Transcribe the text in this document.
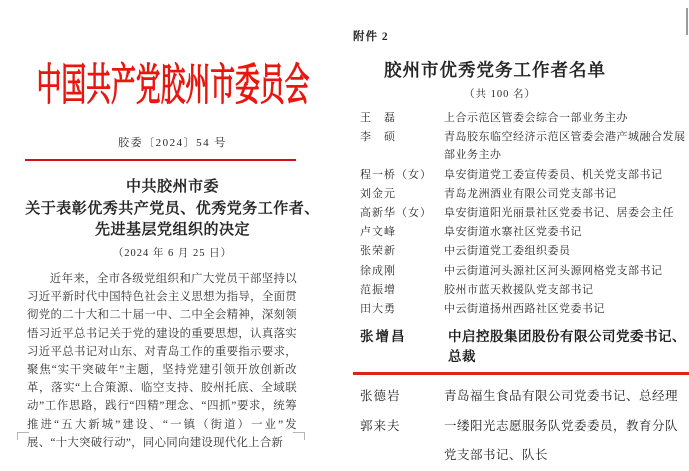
中国共产党胶州市委员会
胶委〔2024〕54 号
中共胶州市委
关于表彰优秀共产党员、优秀党务工作者、
先进基层党组织的决定
（2024 年 6 月 25 日）
近年来，全市各级党组织和广大党员干部坚持以习近平新时代中国特色社会主义思想为指导，全面贯彻党的二十大和二十届一中、二中全会精神，深刻领悟习近平总书记关于党的建设的重要思想，认真落实习近平总书记对山东、对青岛工作的重要指示要求，聚焦“实干突破年”主题，坚持党建引领开放创新改革，落实“上合策源、临空支持、胶州托底、全域联动”工作思路，践行“四精”理念、“四抓”要求，统筹推进“五大新城”建设、“一镇（街道）一业”发展、“十大突破行动”，同心同向建设现代化上合新
附件 2
胶州市优秀党务工作者名单
（共 100 名）
王　磊	上合示范区管委会综合一部业务主办
李　硕	青岛胶东临空经济示范区管委会港产城融合发展部业务主办
程一桥（女）	阜安街道党工委宣传委员、机关党支部书记
刘金元	青岛龙洲酒业有限公司党支部书记
高新华（女）	阜安街道阳光丽景社区党委书记、居委会主任
卢文峰	阜安街道水寨社区党委书记
张荣新	中云街道党工委组织委员
徐成刚	中云街道河头源社区河头源网格党支部书记
范振增	胶州市蓝天救援队党支部书记
田大勇	中云街道扬州西路社区党委书记
张增昌	中启控股集团股份有限公司党委书记、总裁
张德岩	青岛福生食品有限公司党委书记、总经理
郭来夫	一缕阳光志愿服务队党委委员，教育分队党支部书记、队长
